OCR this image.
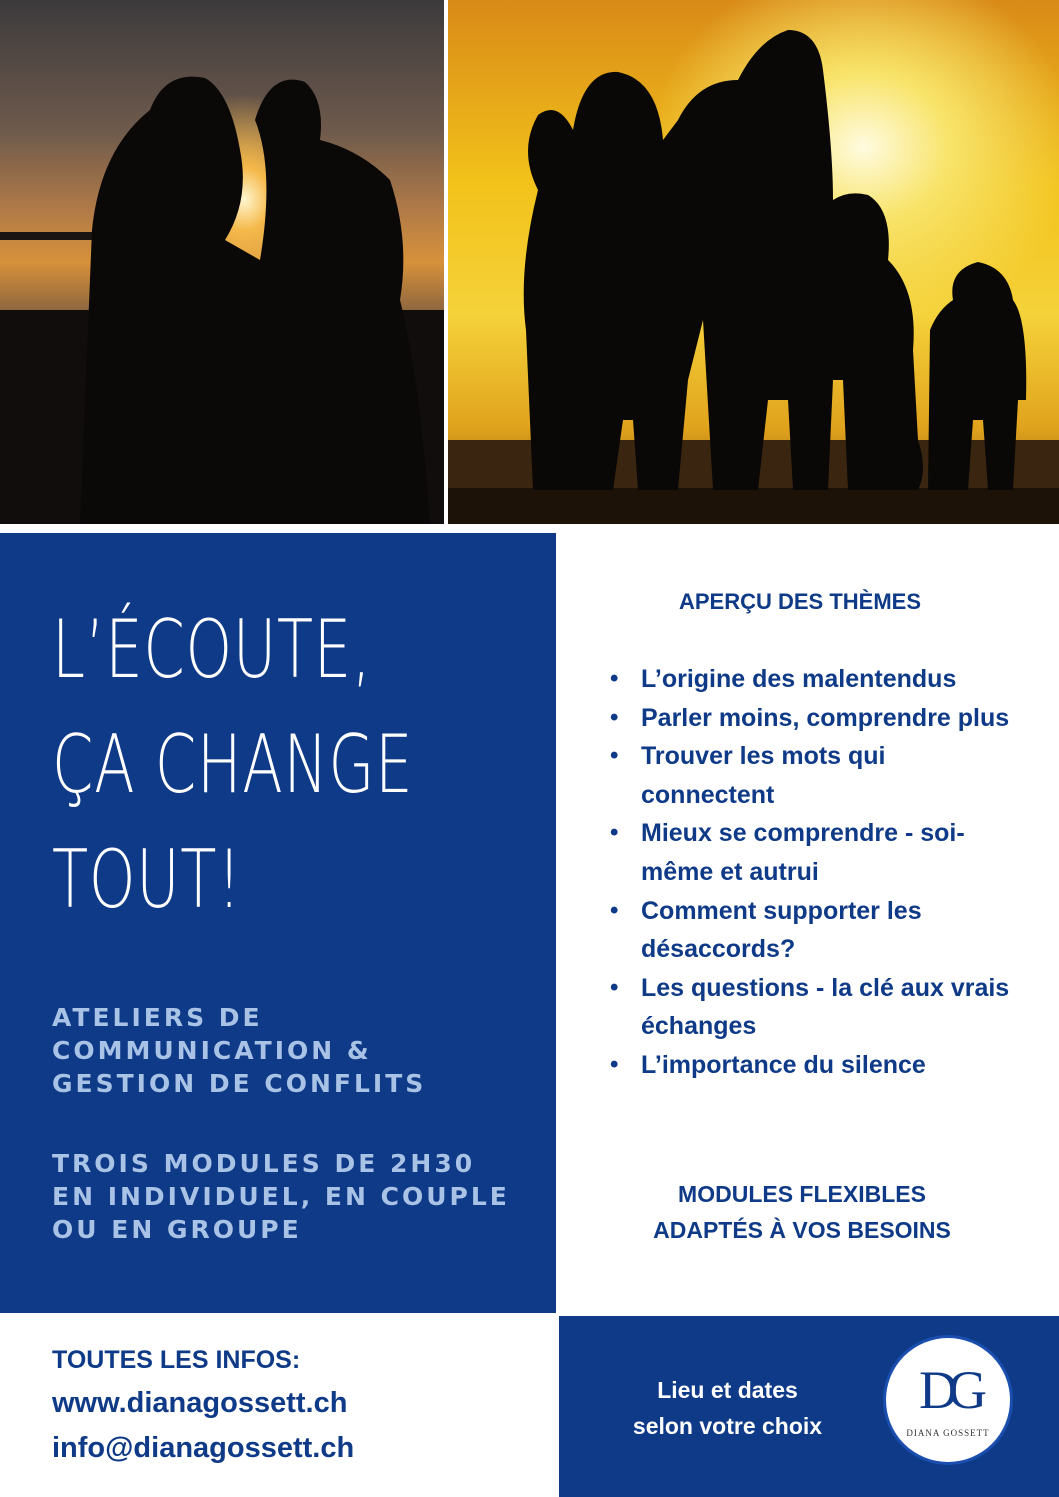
L’ÉCOUTE,
ÇA CHANGE
TOUT!
ATELIERS DE
COMMUNICATION &
GESTION DE CONFLITS
TROIS MODULES DE 2H30
EN INDIVIDUEL, EN COUPLE
OU EN GROUPE
APERÇU DES THÈMES
• L’origine des malentendus
• Parler moins, comprendre plus
• Trouver les mots qui connectent
• Mieux se comprendre - soi-même et autrui
• Comment supporter les désaccords?
• Les questions - la clé aux vrais échanges
• L’importance du silence
MODULES FLEXIBLES
ADAPTÉS À VOS BESOINS
TOUTES LES INFOS:
www.dianagossett.ch
info@dianagossett.ch
Lieu et dates
selon votre choix
DG
DIANA GOSSETT
